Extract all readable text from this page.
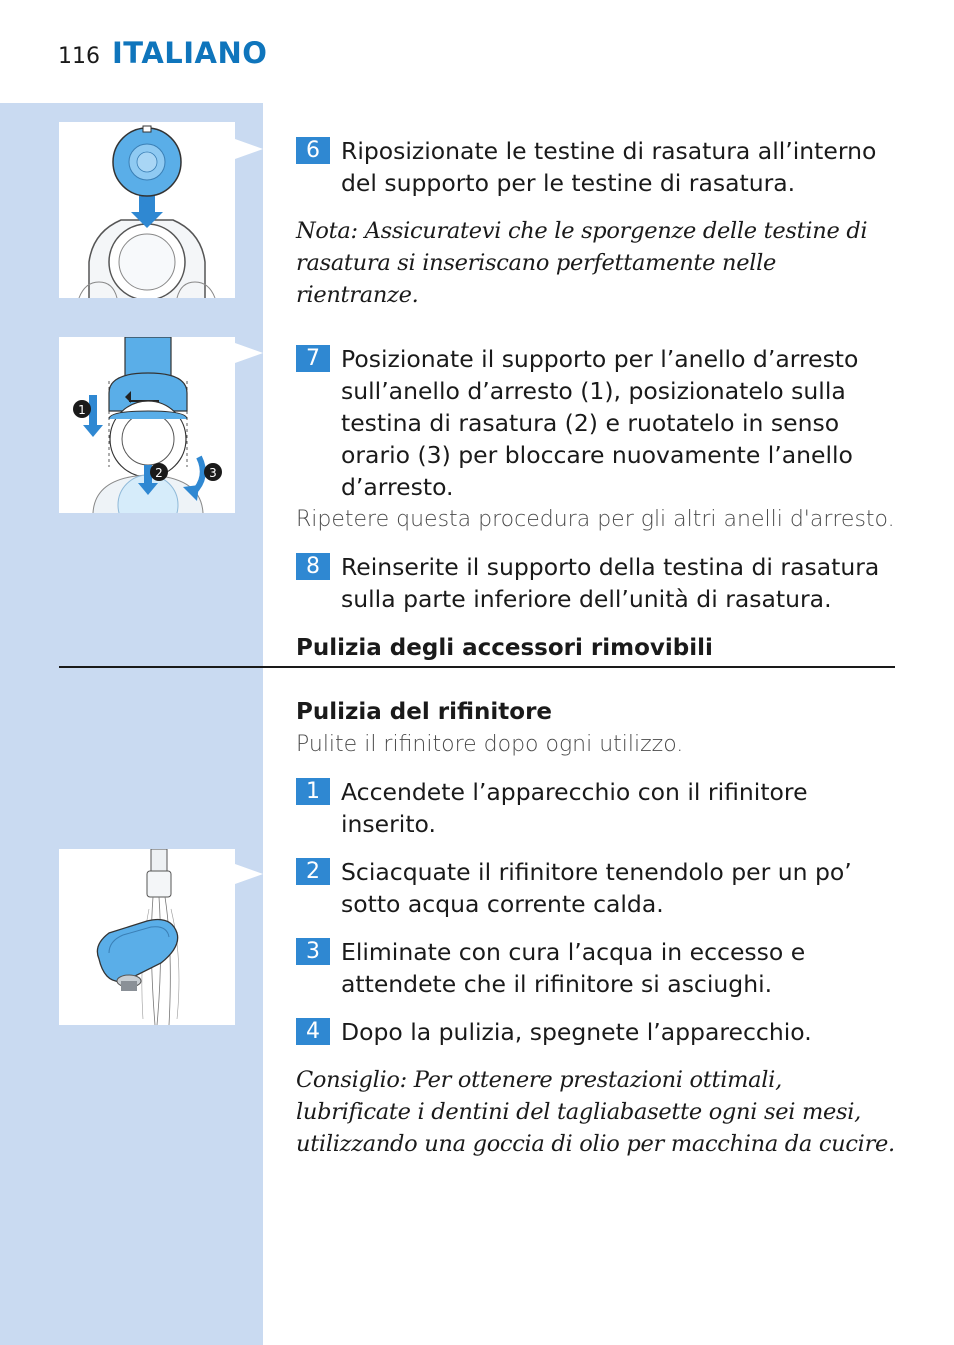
116 ITALIANO
1
2	3
6 Riposizionate le testine di rasatura all’interno del supporto per le testine di rasatura.
Nota: Assicuratevi che le sporgenze delle testine di rasatura si inseriscano perfettamente nelle rientranze.
7 Posizionate il supporto per l’anello d’arresto sull’anello d’arresto (1), posizionatelo sulla testina di rasatura (2) e ruotatelo in senso orario (3) per bloccare nuovamente l’anello d’arresto.
Ripetere questa procedura per gli altri anelli d'arresto.
8 Reinserite il supporto della testina di rasatura sulla parte inferiore dell’unità di rasatura.
Pulizia degli accessori rimovibili
Pulizia del rifinitore
Pulite il rifinitore dopo ogni utilizzo.
1 Accendete l’apparecchio con il rifinitore inserito.
2 Sciacquate il rifinitore tenendolo per un po’ sotto acqua corrente calda.
3 Eliminate con cura l’acqua in eccesso e attendete che il rifinitore si asciughi.
4 Dopo la pulizia, spegnete l’apparecchio.
Consiglio: Per ottenere prestazioni ottimali, lubrificate i dentini del tagliabasette ogni sei mesi, utilizzando una goccia di olio per macchina da cucire.
